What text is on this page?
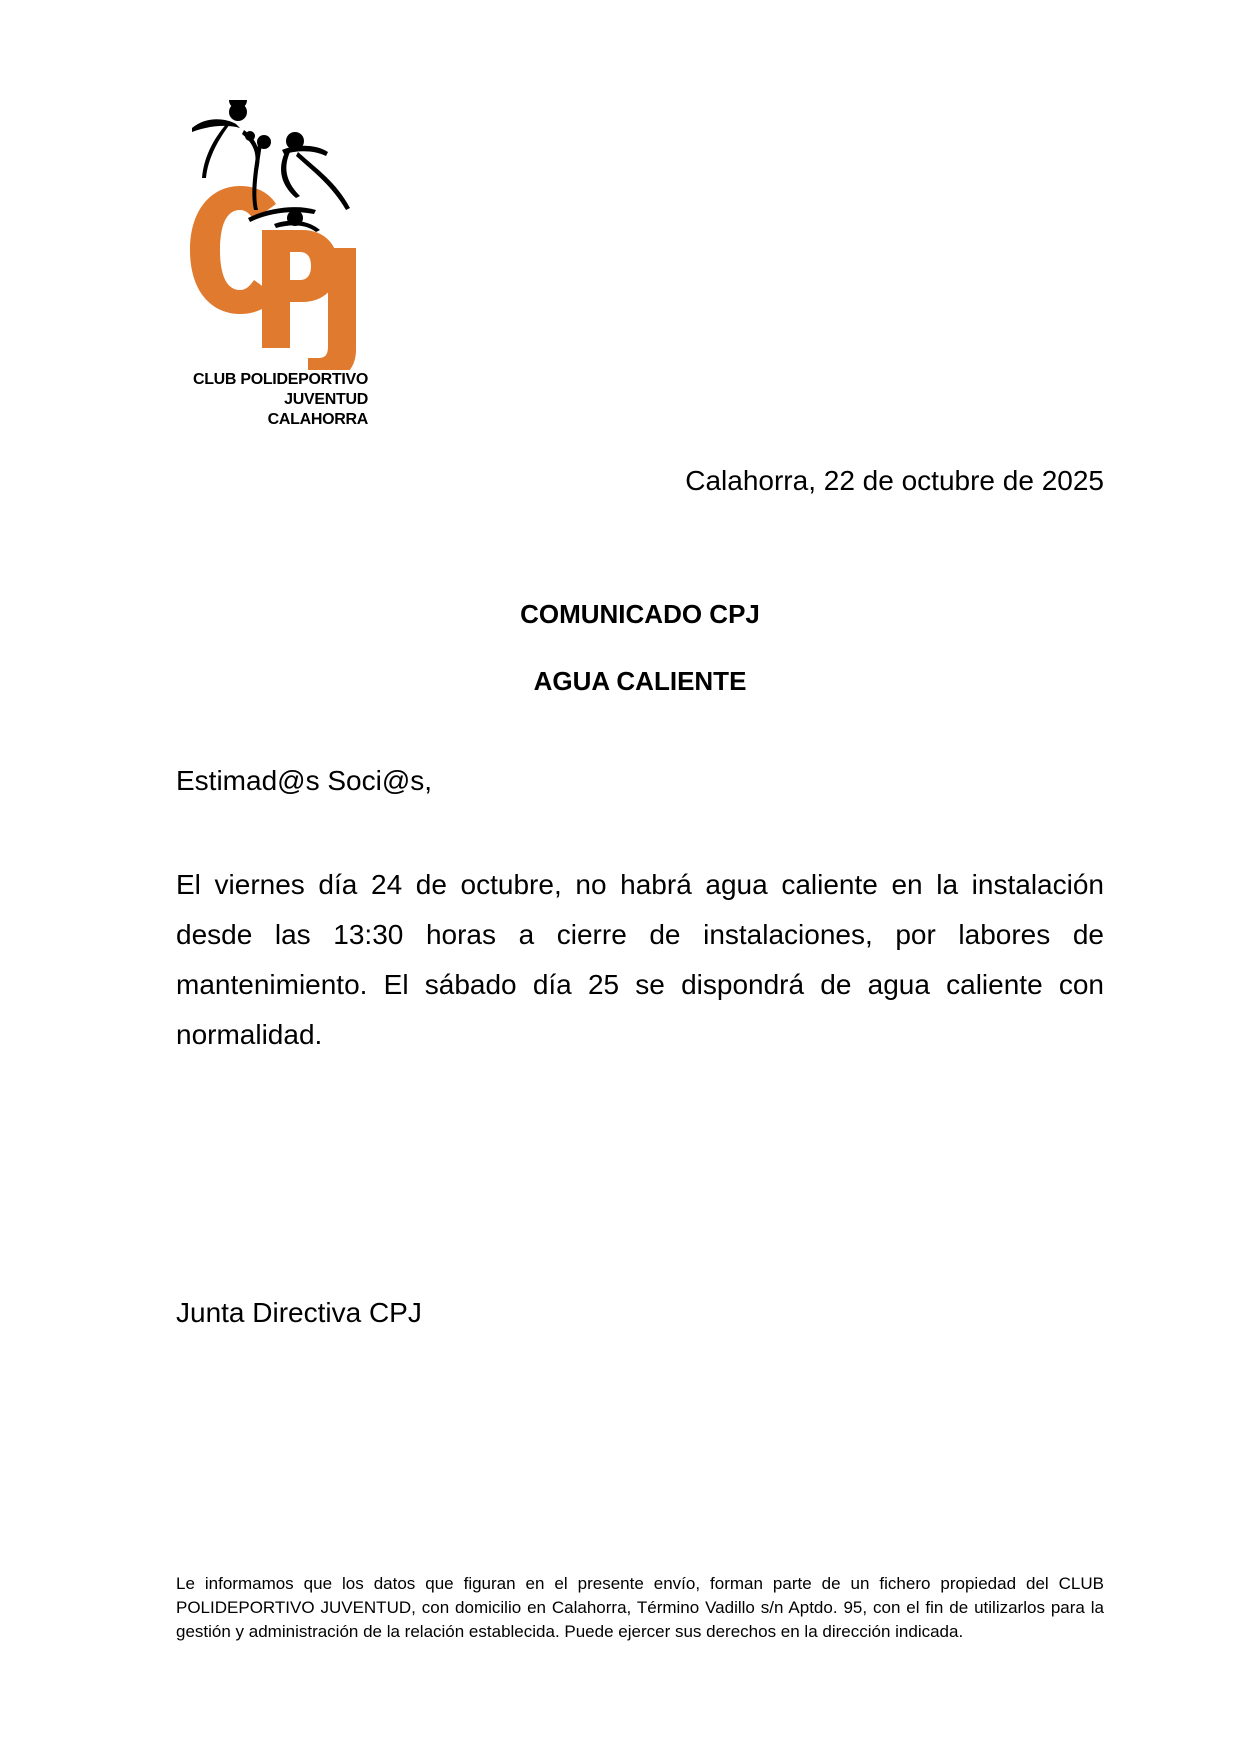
CLUB POLIDEPORTIVO
JUVENTUD
CALAHORRA
Calahorra, 22 de octubre de 2025
COMUNICADO CPJ
AGUA CALIENTE
Estimad@s Soci@s,
El viernes día 24 de octubre, no habrá agua caliente en la instalación desde las 13:30 horas a cierre de instalaciones, por labores de mantenimiento. El sábado día 25 se dispondrá de agua caliente con normalidad.
Junta Directiva CPJ
Le informamos que los datos que figuran en el presente envío, forman parte de un fichero propiedad del CLUB POLIDEPORTIVO JUVENTUD, con domicilio en Calahorra, Término Vadillo s/n Aptdo. 95, con el fin de utilizarlos para la gestión y administración de la relación establecida. Puede ejercer sus derechos en la dirección indicada.
